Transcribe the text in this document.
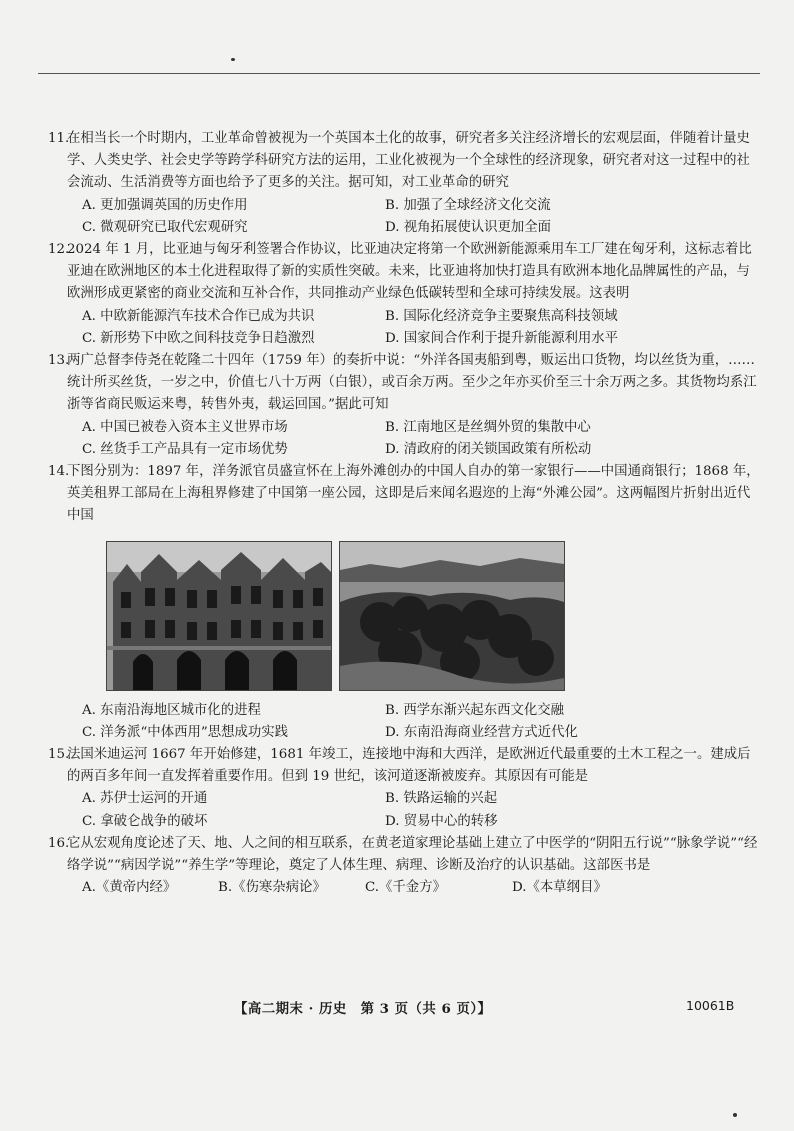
11.在相当长一个时期内，工业革命曾被视为一个英国本土化的故事，研究者多关注经济增长的宏观层面，伴随着计量史学、人类史学、社会史学等跨学科研究方法的运用，工业化被视为一个全球性的经济现象，研究者对这一过程中的社会流动、生活消费等方面也给予了更多的关注。据可知，对工业革命的研究

A. 更加强调英国的历史作用	B. 加强了全球经济文化交流
C. 微观研究已取代宏观研究	D. 视角拓展使认识更加全面

12.2024 年 1 月，比亚迪与匈牙利签署合作协议，比亚迪决定将第一个欧洲新能源乘用车工厂建在匈牙利，这标志着比亚迪在欧洲地区的本土化进程取得了新的实质性突破。未来，比亚迪将加快打造具有欧洲本地化品牌属性的产品，与欧洲形成更紧密的商业交流和互补合作，共同推动产业绿色低碳转型和全球可持续发展。这表明

A. 中欧新能源汽车技术合作已成为共识	B. 国际化经济竞争主要聚焦高科技领域
C. 新形势下中欧之间科技竞争日趋激烈	D. 国家间合作利于提升新能源利用水平

13.两广总督李侍尧在乾隆二十四年（1759 年）的奏折中说：“外洋各国夷船到粤，贩运出口货物，均以丝货为重，……统计所买丝货，一岁之中，价值七八十万两（白银），或百余万两。至少之年亦买价至三十余万两之多。其货物均系江浙等省商民贩运来粤，转售外夷，载运回国。”据此可知

A. 中国已被卷入资本主义世界市场	B. 江南地区是丝绸外贸的集散中心
C. 丝货手工产品具有一定市场优势	D. 清政府的闭关锁国政策有所松动

14.下图分别为：1897 年，洋务派官员盛宣怀在上海外滩创办的中国人自办的第一家银行——中国通商银行；1868 年，英美租界工部局在上海租界修建了中国第一座公园，这即是后来闻名遐迩的上海“外滩公园”。这两幅图片折射出近代中国

A. 东南沿海地区城市化的进程	B. 西学东渐兴起东西文化交融
C. 洋务派“中体西用”思想成功实践	D. 东南沿海商业经营方式近代化

15.法国米迪运河 1667 年开始修建，1681 年竣工，连接地中海和大西洋，是欧洲近代最重要的土木工程之一。建成后的两百多年间一直发挥着重要作用。但到 19 世纪，该河道逐渐被废弃。其原因有可能是

A. 苏伊士运河的开通	B. 铁路运输的兴起
C. 拿破仑战争的破坏	D. 贸易中心的转移

16.它从宏观角度论述了天、地、人之间的相互联系，在黄老道家理论基础上建立了中医学的“阴阳五行说”“脉象学说”“经络学说”“病因学说”“养生学”等理论，奠定了人体生理、病理、诊断及治疗的认识基础。这部医书是

A.《黄帝内经》	B.《伤寒杂病论》	C.《千金方》	D.《本草纲目》
【高二期末 · 历史　第 3 页（共 6 页）】	10061B
